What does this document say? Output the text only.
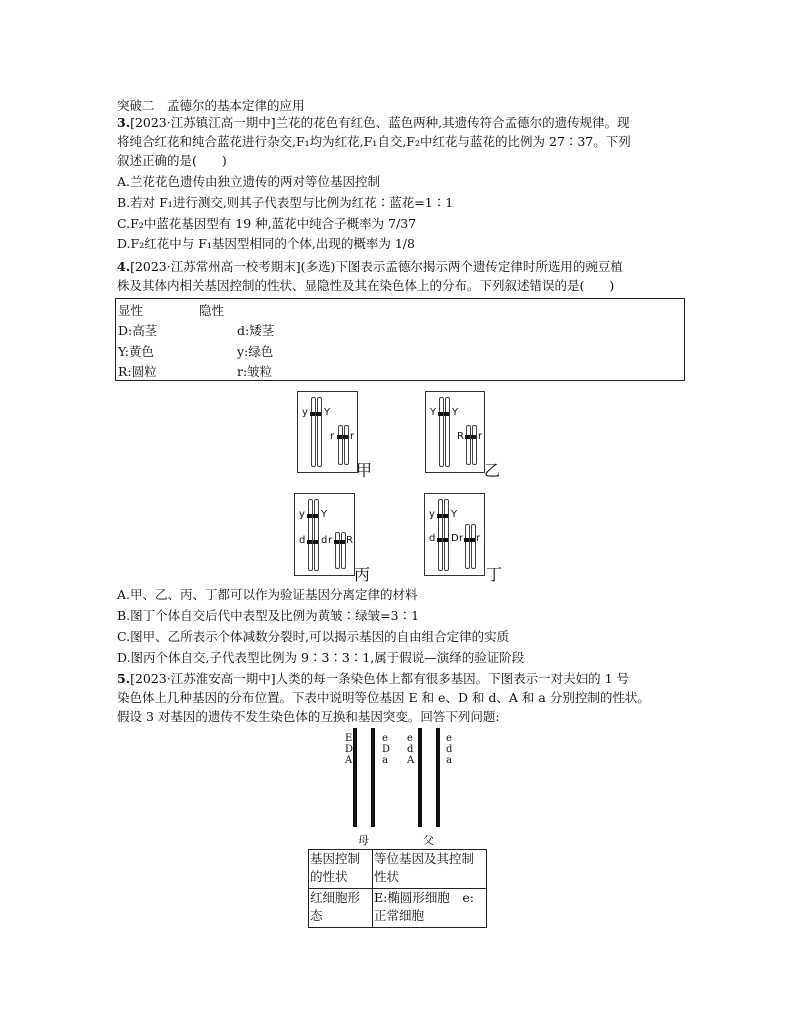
突破二　孟德尔的基本定律的应用
3.[2023·江苏镇江高一期中]兰花的花色有红色、蓝色两种,其遗传符合孟德尔的遗传规律。现
将纯合红花和纯合蓝花进行杂交,F₁均为红花,F₁自交,F₂中红花与蓝花的比例为 27∶37。下列
叙述正确的是(　　)
A.兰花花色遗传由独立遗传的两对等位基因控制
B.若对 F₁进行测交,则其子代表型与比例为红花∶蓝花=1∶1
C.F₂中蓝花基因型有 19 种,蓝花中纯合子概率为 7/37
D.F₂红花中与 F₁基因型相同的个体,出现的概率为 1/8
4.[2023·江苏常州高一校考期末](多选)下图表示孟德尔揭示两个遗传定律时所选用的豌豆植
株及其体内相关基因控制的性状、显隐性及其在染色体上的分布。下列叙述错误的是(　　)
显性	隐性
D:高茎	d:矮茎
Y:黄色	y:绿色
R:圆粒	r:皱粒
y Y
r r
甲
Y Y
R r
乙
y Y
d d r R
丙
y Y
d D r r
丁
A.甲、乙、丙、丁都可以作为验证基因分离定律的材料
B.图丁个体自交后代中表型及比例为黄皱∶绿皱=3∶1
C.图甲、乙所表示个体减数分裂时,可以揭示基因的自由组合定律的实质
D.图丙个体自交,子代表型比例为 9∶3∶3∶1,属于假说—演绎的验证阶段
5.[2023·江苏淮安高一期中]人类的每一条染色体上都有很多基因。下图表示一对夫妇的 1 号
染色体上几种基因的分布位置。下表中说明等位基因 E 和 e、D 和 d、A 和 a 分别控制的性状。
假设 3 对基因的遗传不发生染色体的互换和基因突变。回答下列问题:
E
D
A
e
D
a
e
d
A
e
d
a
母	父
基因控制的性状	等位基因及其控制性状
红细胞形态	E:椭圆形细胞　e:正常细胞
